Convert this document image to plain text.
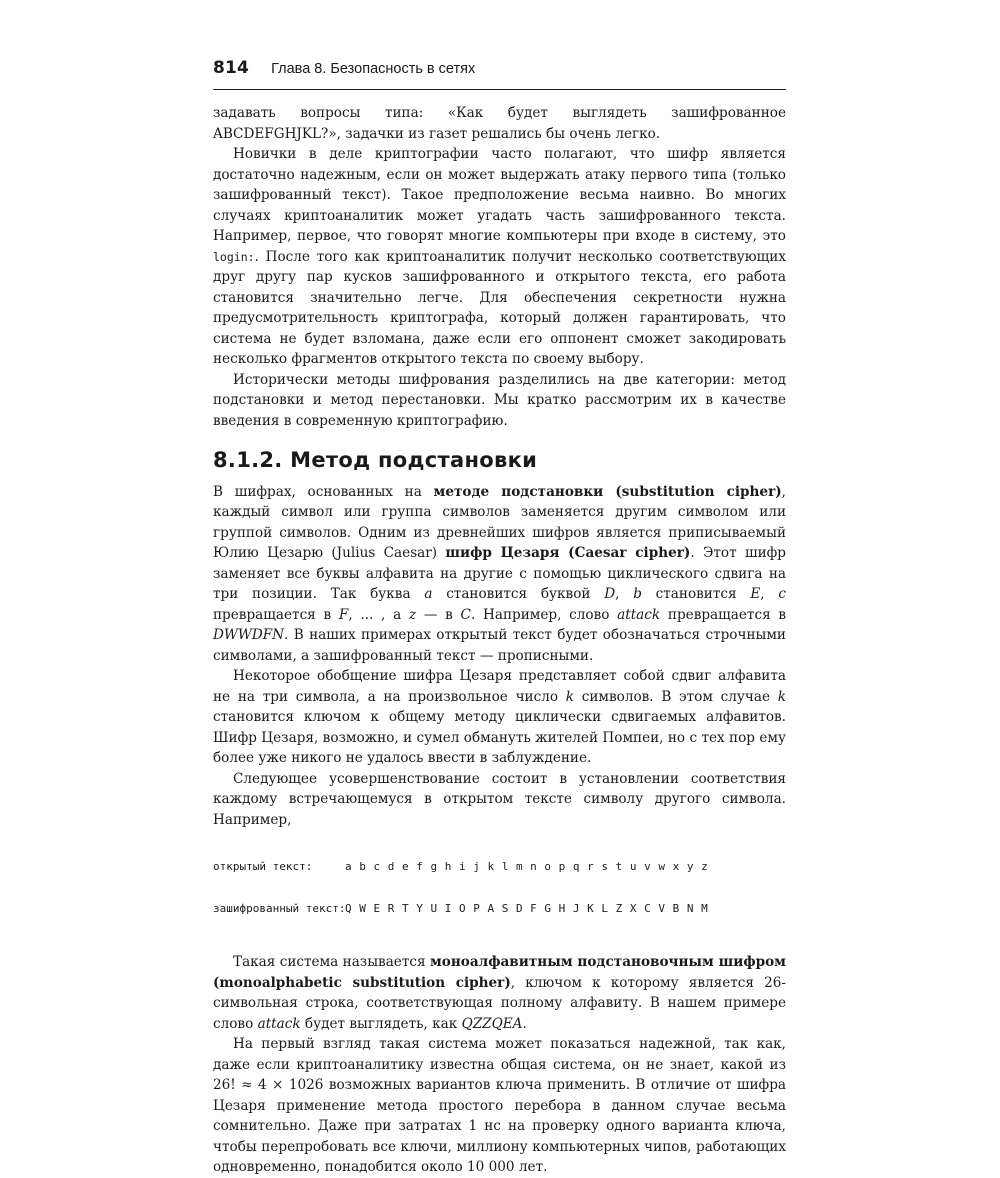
814 Глава 8. Безопасность в сетях

задавать вопросы типа: «Как будет выглядеть зашифрованное ABCDEFGHJKL?», задачки из газет решались бы очень легко.

Новички в деле криптографии часто полагают, что шифр является достаточно надежным, если он может выдержать атаку первого типа (только зашифрованный текст). Такое предположение весьма наивно. Во многих случаях криптоаналитик может угадать часть зашифрованного текста. Например, первое, что говорят многие компьютеры при входе в систему, это login:. После того как криптоаналитик получит несколько соответствующих друг другу пар кусков зашифрованного и открытого текста, его работа становится значительно легче. Для обеспечения секретности нужна предусмотрительность криптографа, который должен гарантировать, что система не будет взломана, даже если его оппонент сможет закодировать несколько фрагментов открытого текста по своему выбору.

Исторически методы шифрования разделились на две категории: метод подстановки и метод перестановки. Мы кратко рассмотрим их в качестве введения в современную криптографию.

8.1.2. Метод подстановки

В шифрах, основанных на методе подстановки (substitution cipher), каждый символ или группа символов заменяется другим символом или группой символов. Одним из древнейших шифров является приписываемый Юлию Цезарю (Julius Caesar) шифр Цезаря (Caesar cipher). Этот шифр заменяет все буквы алфавита на другие с помощью циклического сдвига на три позиции. Так буква a становится буквой D, b становится E, c превращается в F, ... , а z — в C. Например, слово attack превращается в DWWDFN. В наших примерах открытый текст будет обозначаться строчными символами, а зашифрованный текст — прописными.

Некоторое обобщение шифра Цезаря представляет собой сдвиг алфавита не на три символа, а на произвольное число k символов. В этом случае k становится ключом к общему методу циклически сдвигаемых алфавитов. Шифр Цезаря, возможно, и сумел обмануть жителей Помпеи, но с тех пор ему более уже никого не удалось ввести в заблуждение.

Следующее усовершенствование состоит в установлении соответствия каждому встречающемуся в открытом тексте символу другого символа. Например,

открытый текст:	a b c d e f g h i j k l m n o p q r s t u v w x y z

зашифрованный текст: Q W E R T Y U I O P A S D F G H J K L Z X C V B N M

Такая система называется моноалфавитным подстановочным шифром (monoalphabetic substitution cipher), ключом к которому является 26-символьная строка, соответствующая полному алфавиту. В нашем примере слово attack будет выглядеть, как QZZQEA.

На первый взгляд такая система может показаться надежной, так как, даже если криптоаналитику известна общая система, он не знает, какой из 26! ≈ 4 × 1026 возможных вариантов ключа применить. В отличие от шифра Цезаря применение метода простого перебора в данном случае весьма сомнительно. Даже при затратах 1 нс на проверку одного варианта ключа, чтобы перепробовать все ключи, миллиону компьютерных чипов, работающих одновременно, понадобится около 10 000 лет.
